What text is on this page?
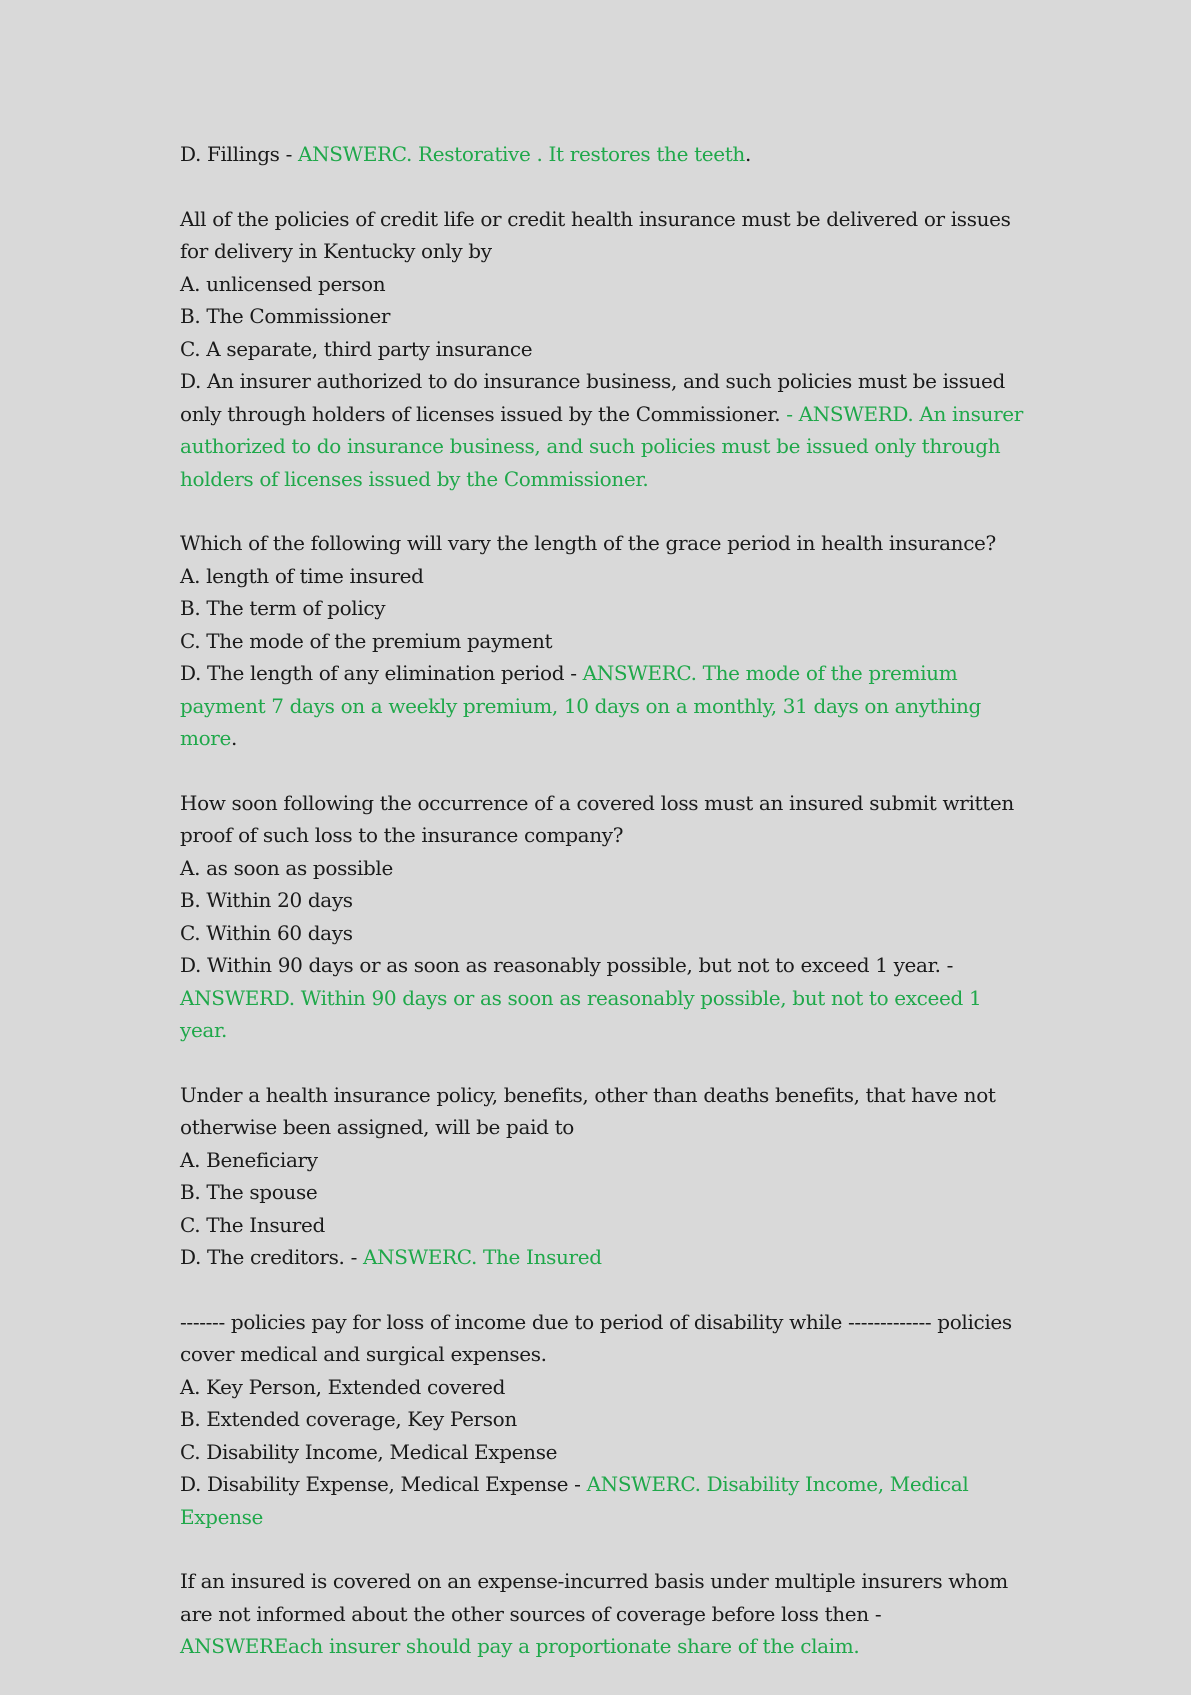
D. Fillings - ANSWERC. Restorative . It restores the teeth.
All of the policies of credit life or credit health insurance must be delivered or issues for delivery in Kentucky only by
A. unlicensed person
B. The Commissioner
C. A separate, third party insurance
D. An insurer authorized to do insurance business, and such policies must be issued only through holders of licenses issued by the Commissioner. - ANSWERD. An insurer authorized to do insurance business, and such policies must be issued only through holders of licenses issued by the Commissioner.
Which of the following will vary the length of the grace period in health insurance?
A. length of time insured
B. The term of policy
C. The mode of the premium payment
D. The length of any elimination period - ANSWERC. The mode of the premium payment 7 days on a weekly premium, 10 days on a monthly, 31 days on anything more.
How soon following the occurrence of a covered loss must an insured submit written proof of such loss to the insurance company?
A. as soon as possible
B. Within 20 days
C. Within 60 days
D. Within 90 days or as soon as reasonably possible, but not to exceed 1 year. - ANSWERD. Within 90 days or as soon as reasonably possible, but not to exceed 1 year.
Under a health insurance policy, benefits, other than deaths benefits, that have not otherwise been assigned, will be paid to
A. Beneficiary
B. The spouse
C. The Insured
D. The creditors. - ANSWERC. The Insured
------- policies pay for loss of income due to period of disability while ------------- policies cover medical and surgical expenses.
A. Key Person, Extended covered
B. Extended coverage, Key Person
C. Disability Income, Medical Expense
D. Disability Expense, Medical Expense - ANSWERC. Disability Income, Medical Expense
If an insured is covered on an expense-incurred basis under multiple insurers whom are not informed about the other sources of coverage before loss then - ANSWEREach insurer should pay a proportionate share of the claim.
